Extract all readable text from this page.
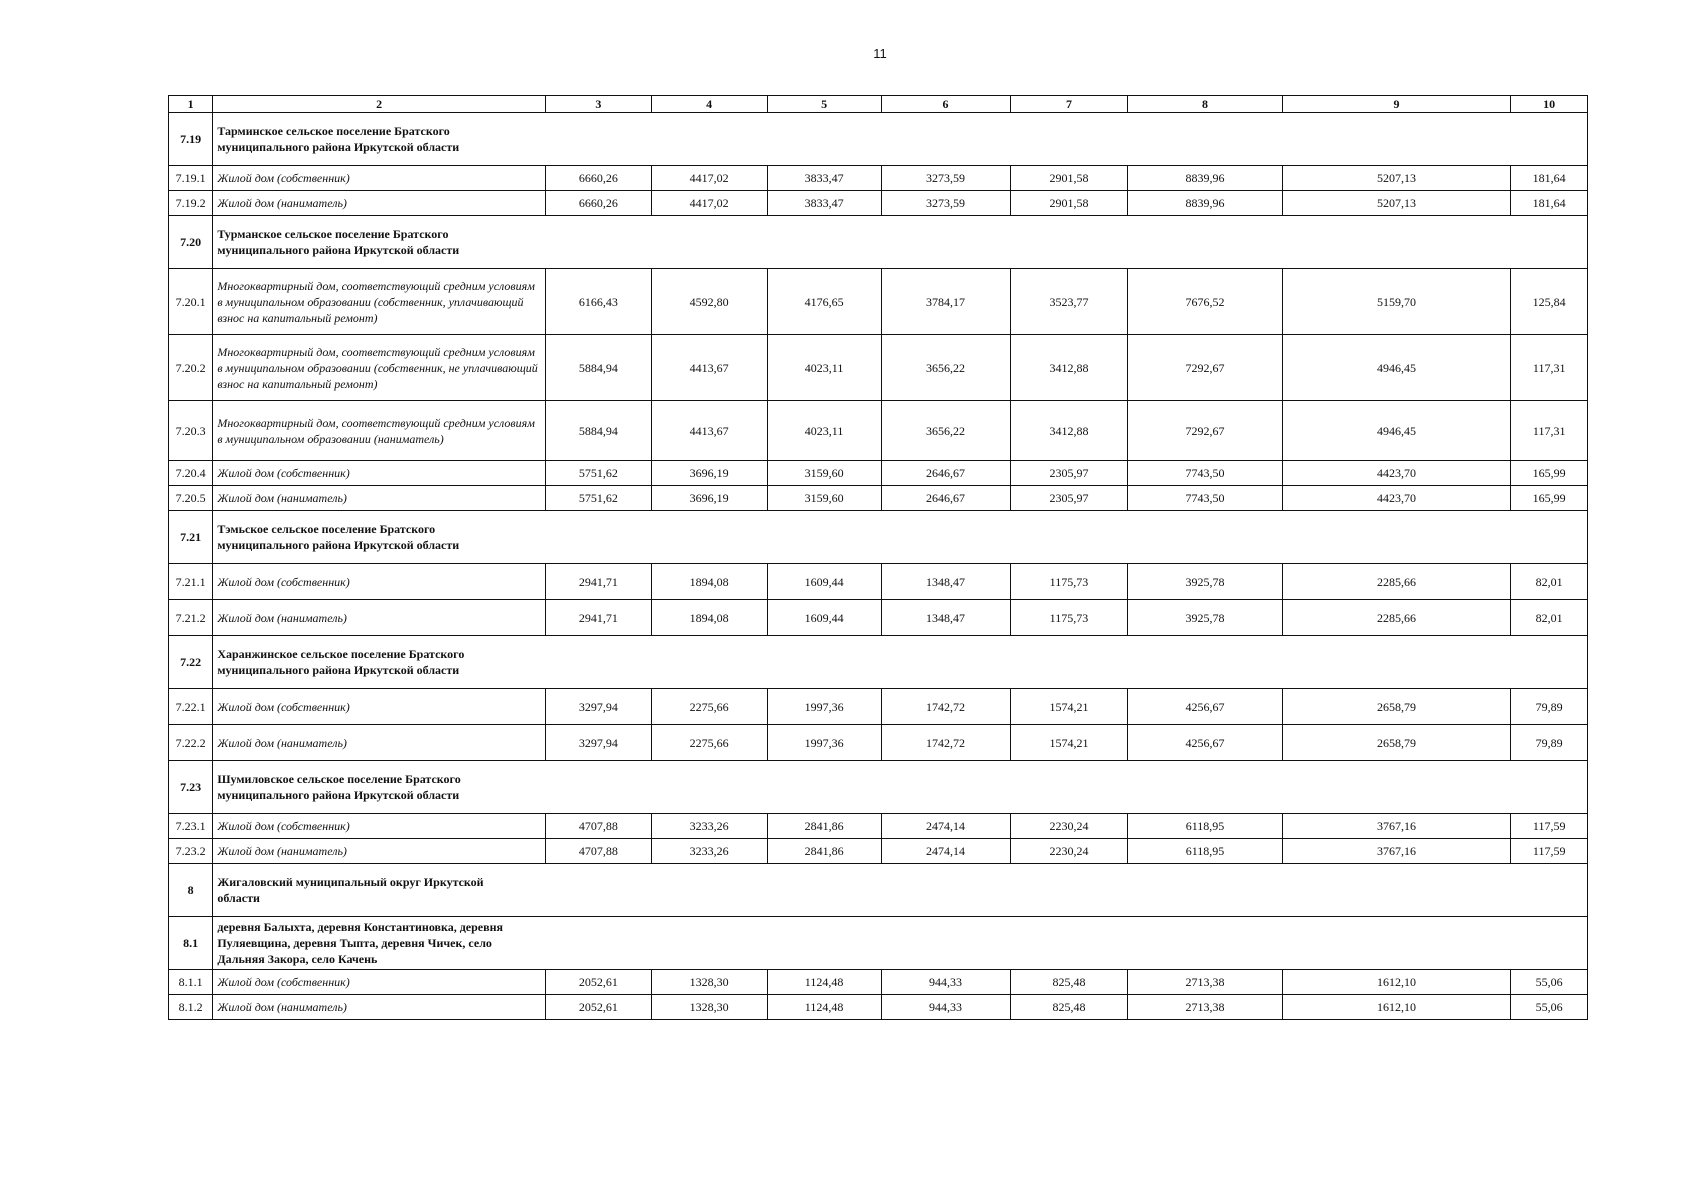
11
1	2	3	4	5	6	7	8	9	10
7.19	Тарминское сельское поселение Братского муниципального района Иркутской области								

7.19.1	Жилой дом (собственник)	6660,26	4417,02	3833,47	3273,59	2901,58	8839,96	5207,13	181,64
7.19.2	Жилой дом (наниматель)	6660,26	4417,02	3833,47	3273,59	2901,58	8839,96	5207,13	181,64
7.20	Турманское сельское поселение Братского муниципального района Иркутской области								

7.20.1	Многоквартирный дом, соответствующий средним условиям в муниципальном образовании (собственник, уплачивающий взнос на капитальный ремонт)	6166,43	4592,80	4176,65	3784,17	3523,77	7676,52	5159,70	125,84
7.20.2	Многоквартирный дом, соответствующий средним условиям в муниципальном образовании (собственник, не уплачивающий взнос на капитальный ремонт)	5884,94	4413,67	4023,11	3656,22	3412,88	7292,67	4946,45	117,31
7.20.3	Многоквартирный дом, соответствующий средним условиям в муниципальном образовании (наниматель)	5884,94	4413,67	4023,11	3656,22	3412,88	7292,67	4946,45	117,31
7.20.4	Жилой дом (собственник)	5751,62	3696,19	3159,60	2646,67	2305,97	7743,50	4423,70	165,99
7.20.5	Жилой дом (наниматель)	5751,62	3696,19	3159,60	2646,67	2305,97	7743,50	4423,70	165,99
7.21	Тэмьское сельское поселение Братского муниципального района Иркутской области								

7.21.1	Жилой дом (собственник)	2941,71	1894,08	1609,44	1348,47	1175,73	3925,78	2285,66	82,01
7.21.2	Жилой дом (наниматель)	2941,71	1894,08	1609,44	1348,47	1175,73	3925,78	2285,66	82,01
7.22	Харанжинское сельское поселение Братского муниципального района Иркутской области								

7.22.1	Жилой дом (собственник)	3297,94	2275,66	1997,36	1742,72	1574,21	4256,67	2658,79	79,89
7.22.2	Жилой дом (наниматель)	3297,94	2275,66	1997,36	1742,72	1574,21	4256,67	2658,79	79,89
7.23	Шумиловское сельское поселение Братского муниципального района Иркутской области								

7.23.1	Жилой дом (собственник)	4707,88	3233,26	2841,86	2474,14	2230,24	6118,95	3767,16	117,59
7.23.2	Жилой дом (наниматель)	4707,88	3233,26	2841,86	2474,14	2230,24	6118,95	3767,16	117,59
8	Жигаловский муниципальный округ Иркутской области								

8.1	деревня Балыхта, деревня Константиновка, деревня Пуляевщина, деревня Тыпта, деревня Чичек, село Дальняя Закора, село Качень								

8.1.1	Жилой дом (собственник)	2052,61	1328,30	1124,48	944,33	825,48	2713,38	1612,10	55,06
8.1.2	Жилой дом (наниматель)	2052,61	1328,30	1124,48	944,33	825,48	2713,38	1612,10	55,06
